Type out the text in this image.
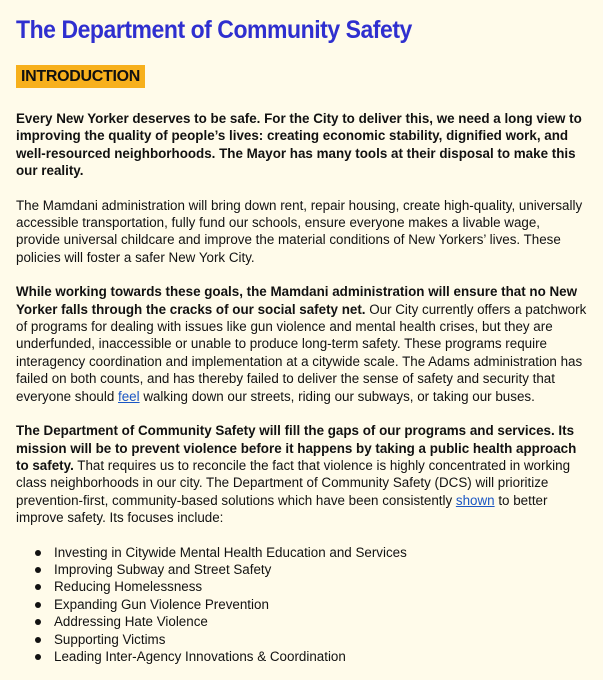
The Department of Community Safety
INTRODUCTION

Every New Yorker deserves to be safe. For the City to deliver this, we need a long view to improving the quality of people’s lives: creating economic stability, dignified work, and well-resourced neighborhoods. The Mayor has many tools at their disposal to make this our reality.

The Mamdani administration will bring down rent, repair housing, create high-quality, universally accessible transportation, fully fund our schools, ensure everyone makes a livable wage, provide universal childcare and improve the material conditions of New Yorkers’ lives. These policies will foster a safer New York City.

While working towards these goals, the Mamdani administration will ensure that no New Yorker falls through the cracks of our social safety net. Our City currently offers a patchwork of programs for dealing with issues like gun violence and mental health crises, but they are underfunded, inaccessible or unable to produce long-term safety. These programs require interagency coordination and implementation at a citywide scale. The Adams administration has failed on both counts, and has thereby failed to deliver the sense of safety and security that everyone should feel walking down our streets, riding our subways, or taking our buses.

The Department of Community Safety will fill the gaps of our programs and services. Its mission will be to prevent violence before it happens by taking a public health approach to safety. That requires us to reconcile the fact that violence is highly concentrated in working class neighborhoods in our city. The Department of Community Safety (DCS) will prioritize prevention-first, community-based solutions which have been consistently shown to better improve safety. Its focuses include:

Investing in Citywide Mental Health Education and Services
Improving Subway and Street Safety
Reducing Homelessness
Expanding Gun Violence Prevention
Addressing Hate Violence
Supporting Victims
Leading Inter-Agency Innovations & Coordination
